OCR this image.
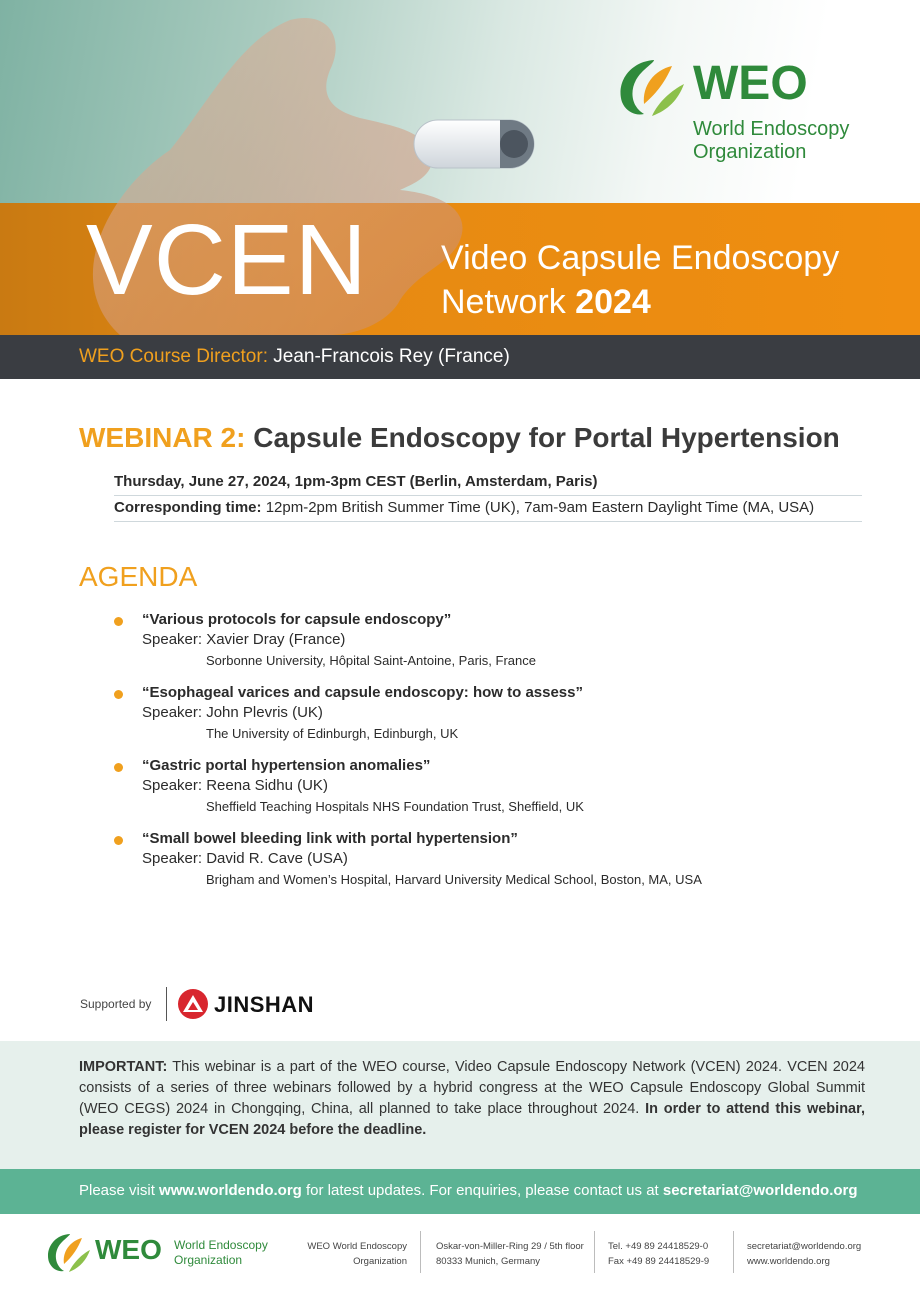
WEO
World Endoscopy
Organization
VCEN Video Capsule Endoscopy
Network 2024
WEO Course Director: Jean-Francois Rey (France)
WEBINAR 2: Capsule Endoscopy for Portal Hypertension
Thursday, June 27, 2024, 1pm-3pm CEST (Berlin, Amsterdam, Paris)
Corresponding time: 12pm-2pm British Summer Time (UK), 7am-9am Eastern Daylight Time (MA, USA)
AGENDA
“Various protocols for capsule endoscopy”
Speaker: Xavier Dray (France)
Sorbonne University, Hôpital Saint-Antoine, Paris, France
“Esophageal varices and capsule endoscopy: how to assess”
Speaker: John Plevris (UK)
The University of Edinburgh, Edinburgh, UK
“Gastric portal hypertension anomalies”
Speaker: Reena Sidhu (UK)
Sheffield Teaching Hospitals NHS Foundation Trust, Sheffield, UK
“Small bowel bleeding link with portal hypertension”
Speaker: David R. Cave (USA)
Brigham and Women’s Hospital, Harvard University Medical School, Boston, MA, USA
Supported by	JINSHAN
IMPORTANT: This webinar is a part of the WEO course, Video Capsule Endoscopy Network (VCEN) 2024. VCEN 2024 consists of a series of three webinars followed by a hybrid congress at the WEO Capsule Endoscopy Global Summit (WEO CEGS) 2024 in Chongqing, China, all planned to take place throughout 2024. In order to attend this webinar, please register for VCEN 2024 before the deadline.
Please visit www.worldendo.org for latest updates. For enquiries, please contact us at secretariat@worldendo.org
WEO World Endoscopy
Organization
WEO World Endoscopy
Organization
Oskar-von-Miller-Ring 29 / 5th floor
80333 Munich, Germany
Tel. +49 89 24418529-0
Fax +49 89 24418529-9
secretariat@worldendo.org
www.worldendo.org
